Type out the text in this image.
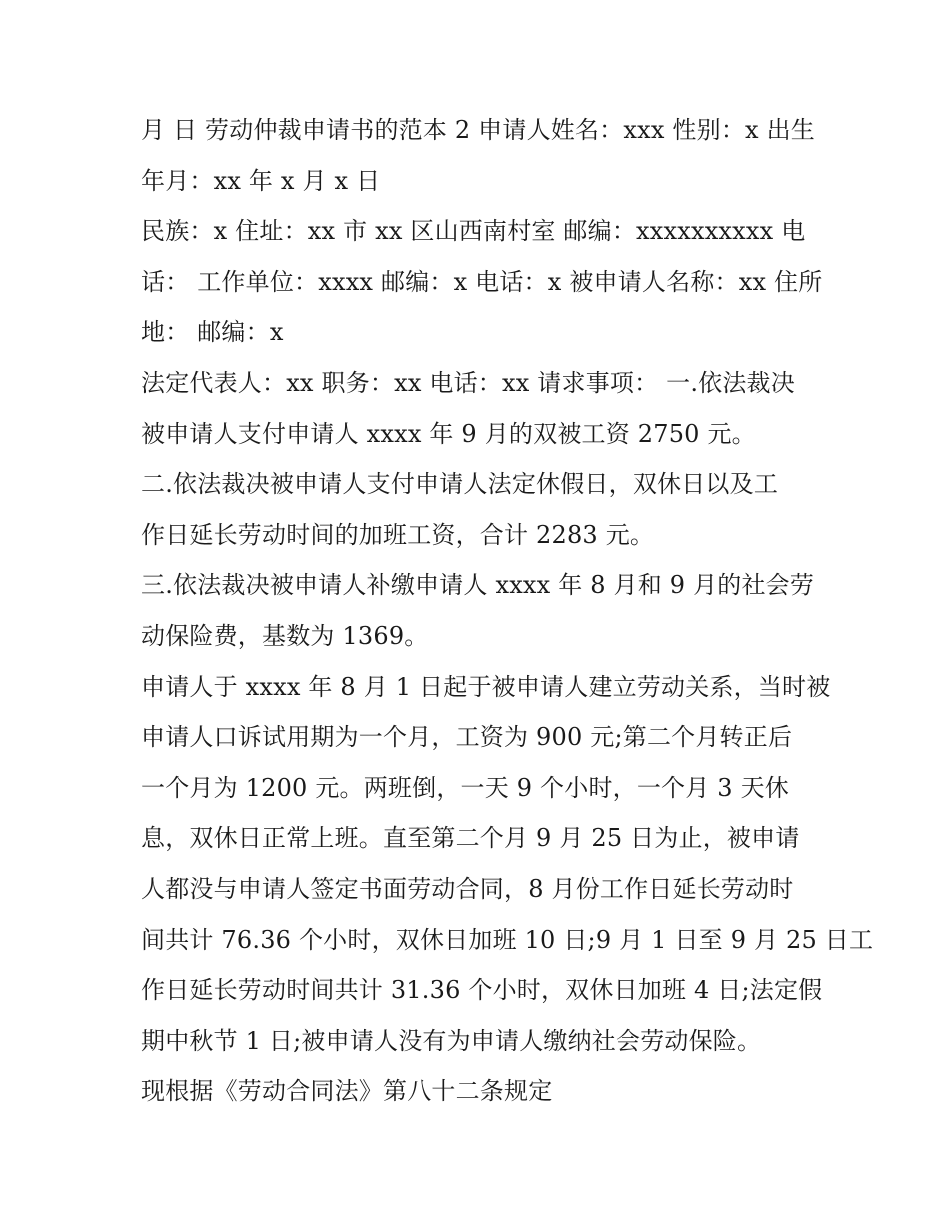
月 日 劳动仲裁申请书的范本 2 申请人姓名：xxx 性别：x 出生
年月：xx 年 x 月 x 日
民族：x 住址：xx 市 xx 区山西南村室 邮编：xxxxxxxxxx 电
话： 工作单位：xxxx 邮编：x 电话：x 被申请人名称：xx 住所
地： 邮编：x
法定代表人：xx 职务：xx 电话：xx 请求事项： 一.依法裁决
被申请人支付申请人 xxxx 年 9 月的双被工资 2750 元。
二.依法裁决被申请人支付申请人法定休假日，双休日以及工
作日延长劳动时间的加班工资，合计 2283 元。
三.依法裁决被申请人补缴申请人 xxxx 年 8 月和 9 月的社会劳
动保险费，基数为 1369。
申请人于 xxxx 年 8 月 1 日起于被申请人建立劳动关系，当时被
申请人口诉试用期为一个月，工资为 900 元;第二个月转正后
一个月为 1200 元。两班倒，一天 9 个小时，一个月 3 天休
息，双休日正常上班。直至第二个月 9 月 25 日为止，被申请
人都没与申请人签定书面劳动合同，8 月份工作日延长劳动时
间共计 76.36 个小时，双休日加班 10 日;9 月 1 日至 9 月 25 日工
作日延长劳动时间共计 31.36 个小时，双休日加班 4 日;法定假
期中秋节 1 日;被申请人没有为申请人缴纳社会劳动保险。
现根据《劳动合同法》第八十二条规定
